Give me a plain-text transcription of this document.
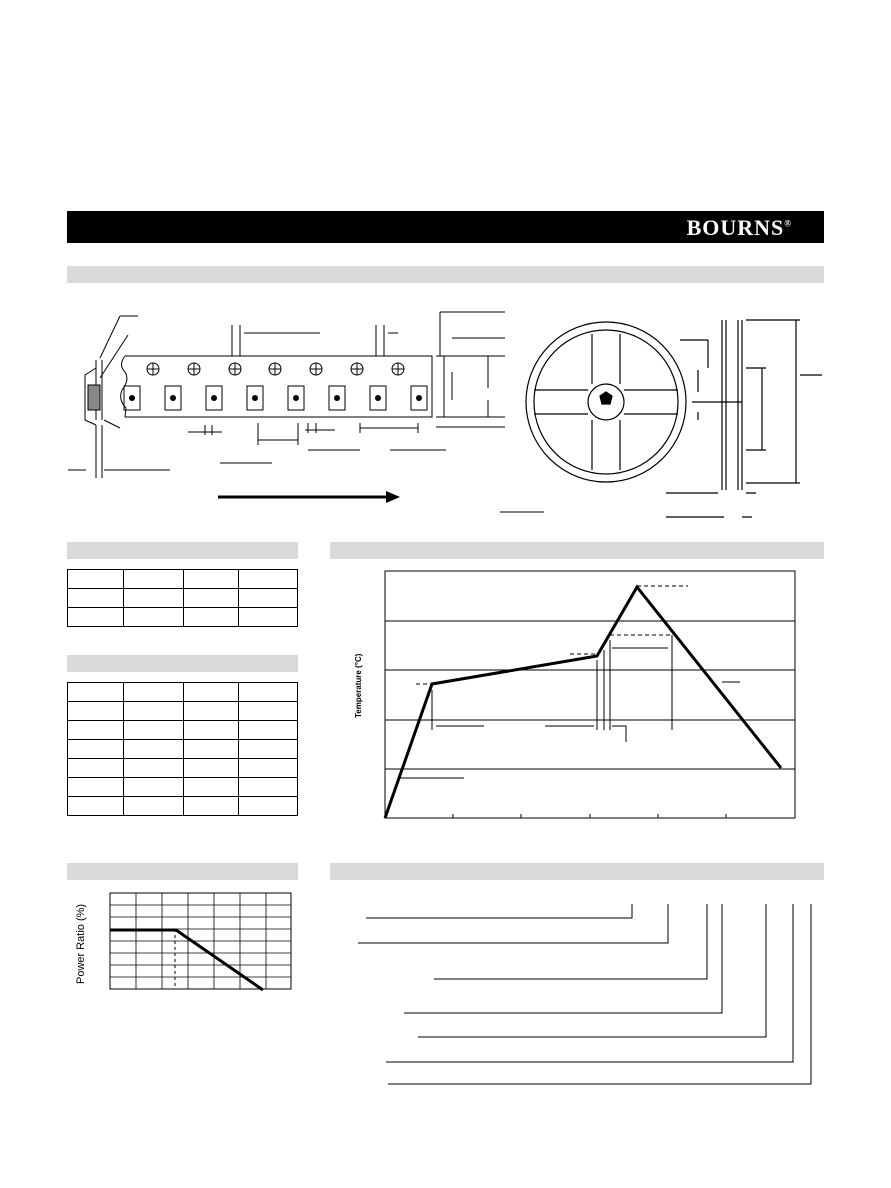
BOURNS®

Temperature (°C)
Power Ratio (%)
